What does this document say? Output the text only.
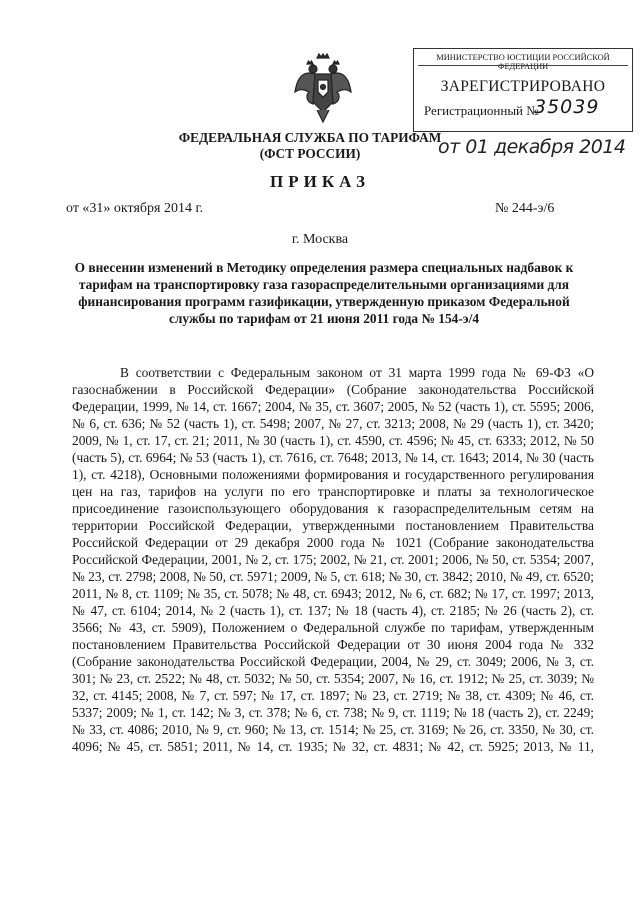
МИНИСТЕРСТВО ЮСТИЦИИ РОССИЙСКОЙ ФЕДЕРАЦИИ
ЗАРЕГИСТРИРОВАНО
Регистрационный №
35039
от 01 декабря 2014
ФЕДЕРАЛЬНАЯ СЛУЖБА ПО ТАРИФАМ
(ФСТ РОССИИ)
ПРИКАЗ
от «31» октября 2014 г.	№ 244-э/6
г. Москва
О внесении изменений в Методику определения размера специальных надбавок к тарифам на транспортировку газа газораспределительными организациями для финансирования программ газификации, утвержденную приказом Федеральной службы по тарифам от 21 июня 2011 года № 154-э/4
В соответствии с Федеральным законом от 31 марта 1999 года № 69-ФЗ «О газоснабжении в Российской Федерации» (Собрание законодательства Российской Федерации, 1999, № 14, ст. 1667; 2004, № 35, ст. 3607; 2005, № 52 (часть 1), ст. 5595; 2006, № 6, ст. 636; № 52 (часть 1), ст. 5498; 2007, № 27, ст. 3213; 2008, № 29 (часть 1), ст. 3420; 2009, № 1, ст. 17, ст. 21; 2011, № 30 (часть 1), ст. 4590, ст. 4596; № 45, ст. 6333; 2012, № 50 (часть 5), ст. 6964; № 53 (часть 1), ст. 7616, ст. 7648; 2013, № 14, ст. 1643; 2014, № 30 (часть 1), ст. 4218), Основными положениями формирования и государственного регулирования цен на газ, тарифов на услуги по его транспортировке и платы за технологическое присоединение газоиспользующего оборудования к газораспределительным сетям на территории Российской Федерации, утвержденными постановлением Правительства Российской Федерации от 29 декабря 2000 года № 1021 (Собрание законодательства Российской Федерации, 2001, № 2, ст. 175; 2002, № 21, ст. 2001; 2006, № 50, ст. 5354; 2007, № 23, ст. 2798; 2008, № 50, ст. 5971; 2009, № 5, ст. 618; № 30, ст. 3842; 2010, № 49, ст. 6520; 2011, № 8, ст. 1109; № 35, ст. 5078; № 48, ст. 6943; 2012, № 6, ст. 682; № 17, ст. 1997; 2013, № 47, ст. 6104; 2014, № 2 (часть 1), ст. 137; № 18 (часть 4), ст. 2185; № 26 (часть 2), ст. 3566; № 43, ст. 5909), Положением о Федеральной службе по тарифам, утвержденным постановлением Правительства Российской Федерации от 30 июня 2004 года № 332 (Собрание законодательства Российской Федерации, 2004, № 29, ст. 3049; 2006, № 3, ст. 301; № 23, ст. 2522; № 48, ст. 5032; № 50, ст. 5354; 2007, № 16, ст. 1912; № 25, ст. 3039; № 32, ст. 4145; 2008, № 7, ст. 597; № 17, ст. 1897; № 23, ст. 2719; № 38, ст. 4309; № 46, ст. 5337; 2009; № 1, ст. 142; № 3, ст. 378; № 6, ст. 738; № 9, ст. 1119; № 18 (часть 2), ст. 2249; № 33, ст. 4086; 2010, № 9, ст. 960; № 13, ст. 1514; № 25, ст. 3169; № 26, ст. 3350, № 30, ст. 4096; № 45, ст. 5851; 2011, № 14, ст. 1935; № 32, ст. 4831; № 42, ст. 5925; 2013, № 11,
